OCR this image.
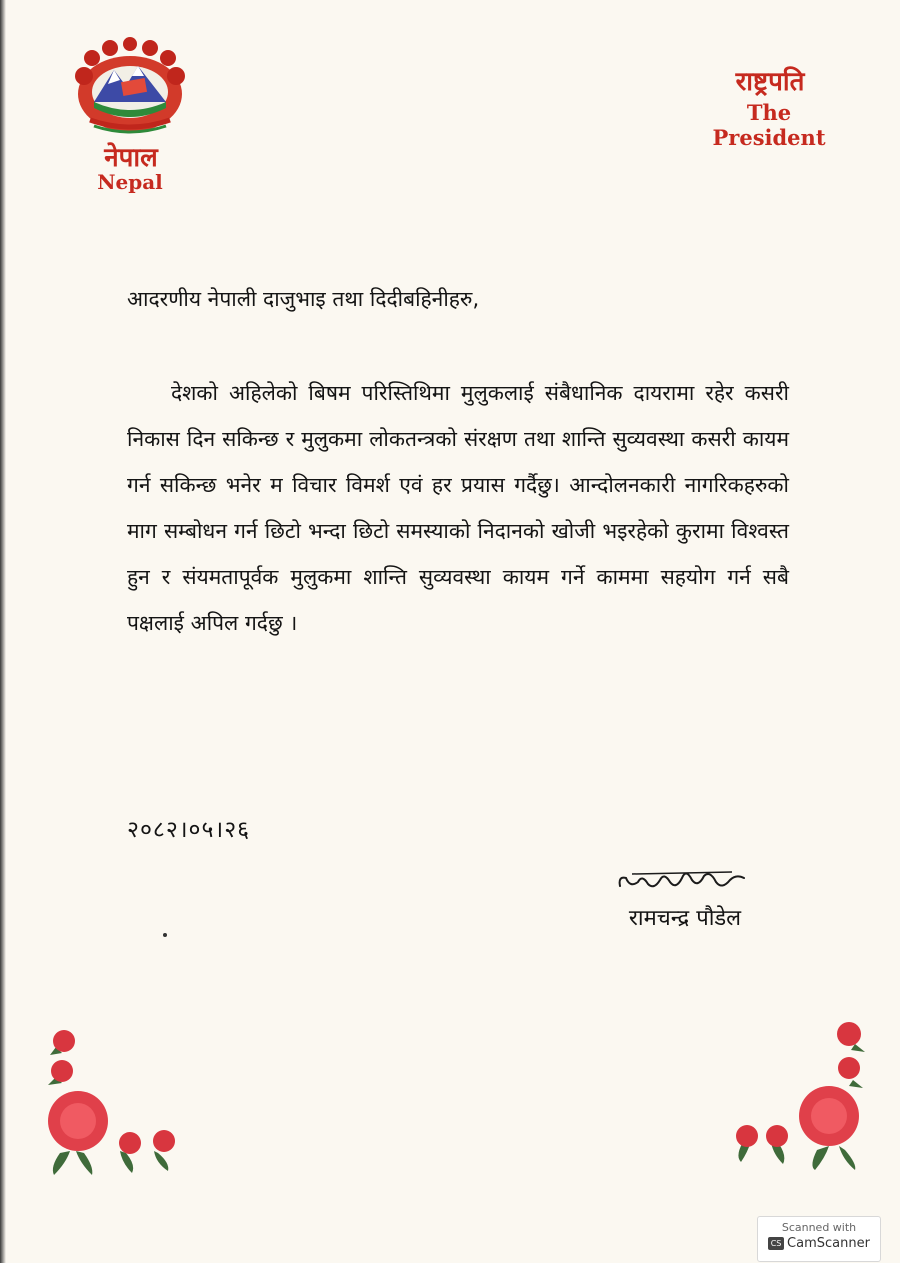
नेपाल
Nepal
राष्ट्रपति
The President
आदरणीय नेपाली दाजुभाइ तथा दिदीबहिनीहरु,
देशको अहिलेको बिषम परिस्तिथिमा मुलुकलाई संबैधानिक दायरामा रहेर कसरी निकास दिन सकिन्छ र मुलुकमा लोकतन्त्रको संरक्षण तथा शान्ति सुव्यवस्था कसरी कायम गर्न सकिन्छ भनेर म विचार विमर्श एवं हर प्रयास गर्दैछु। आन्दोलनकारी नागरिकहरुको माग सम्बोधन गर्न छिटो भन्दा छिटो समस्याको निदानको खोजी भइरहेको कुरामा विश्वस्त हुन र संयमतापूर्वक मुलुकमा शान्ति सुव्यवस्था कायम गर्ने काममा सहयोग गर्न सबै पक्षलाई अपिल गर्दछु ।
२०८२।०५।२६
रामचन्द्र पौडेल
Scanned with
CS CamScanner
